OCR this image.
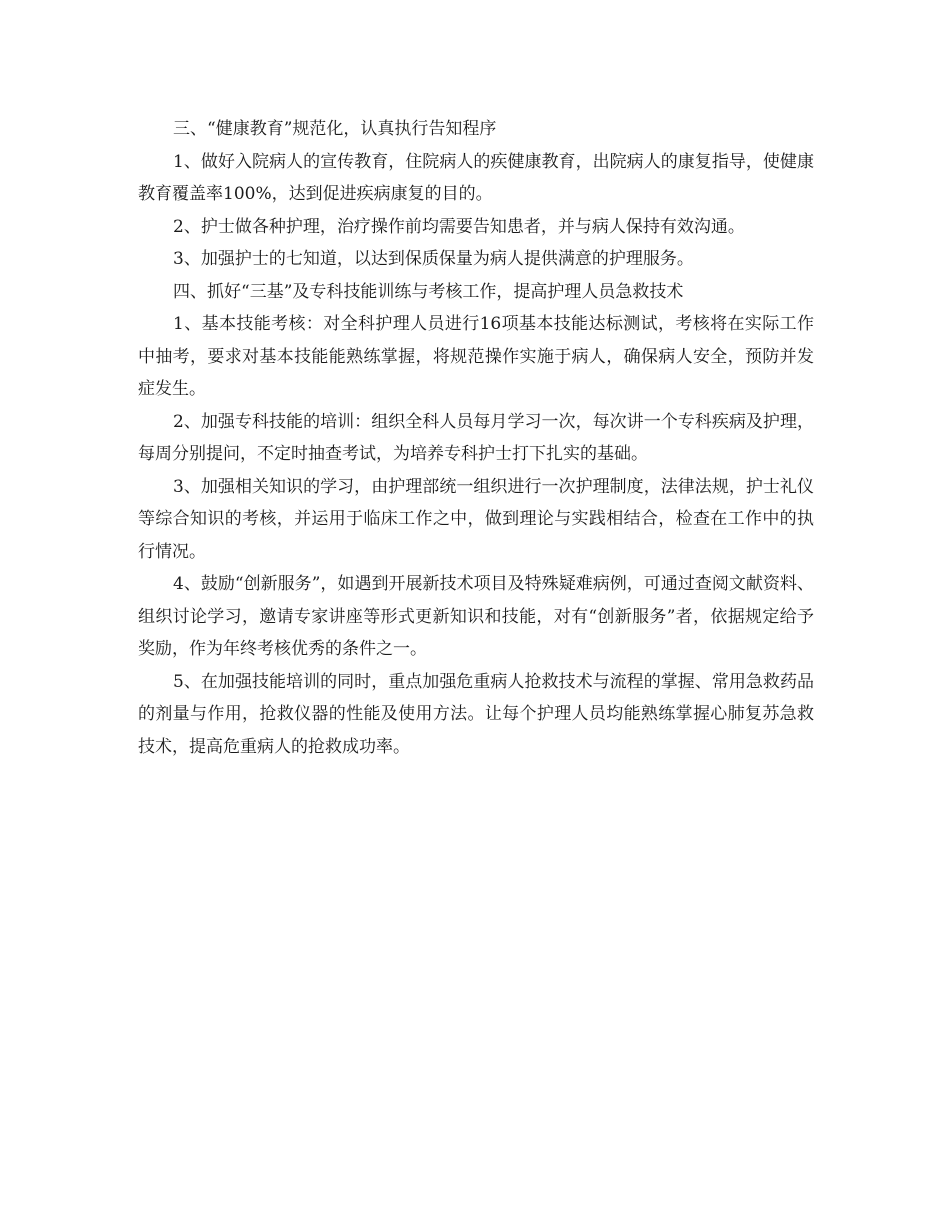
三、“健康教育”规范化，认真执行告知程序

1、做好入院病人的宣传教育，住院病人的疾健康教育，出院病人的康复指导，使健康教育覆盖率100%，达到促进疾病康复的目的。

2、护士做各种护理，治疗操作前均需要告知患者，并与病人保持有效沟通。

3、加强护士的七知道，以达到保质保量为病人提供满意的护理服务。

四、抓好“三基”及专科技能训练与考核工作，提高护理人员急救技术

1、基本技能考核：对全科护理人员进行16项基本技能达标测试，考核将在实际工作中抽考，要求对基本技能能熟练掌握，将规范操作实施于病人，确保病人安全，预防并发症发生。

2、加强专科技能的培训：组织全科人员每月学习一次，每次讲一个专科疾病及护理，每周分别提问，不定时抽查考试，为培养专科护士打下扎实的基础。

3、加强相关知识的学习，由护理部统一组织进行一次护理制度，法律法规，护士礼仪等综合知识的考核，并运用于临床工作之中，做到理论与实践相结合，检查在工作中的执行情况。

4、鼓励“创新服务”，如遇到开展新技术项目及特殊疑难病例，可通过查阅文献资料、组织讨论学习，邀请专家讲座等形式更新知识和技能，对有“创新服务”者，依据规定给予奖励，作为年终考核优秀的条件之一。

5、在加强技能培训的同时，重点加强危重病人抢救技术与流程的掌握、常用急救药品的剂量与作用，抢救仪器的性能及使用方法。让每个护理人员均能熟练掌握心肺复苏急救技术，提高危重病人的抢救成功率。
